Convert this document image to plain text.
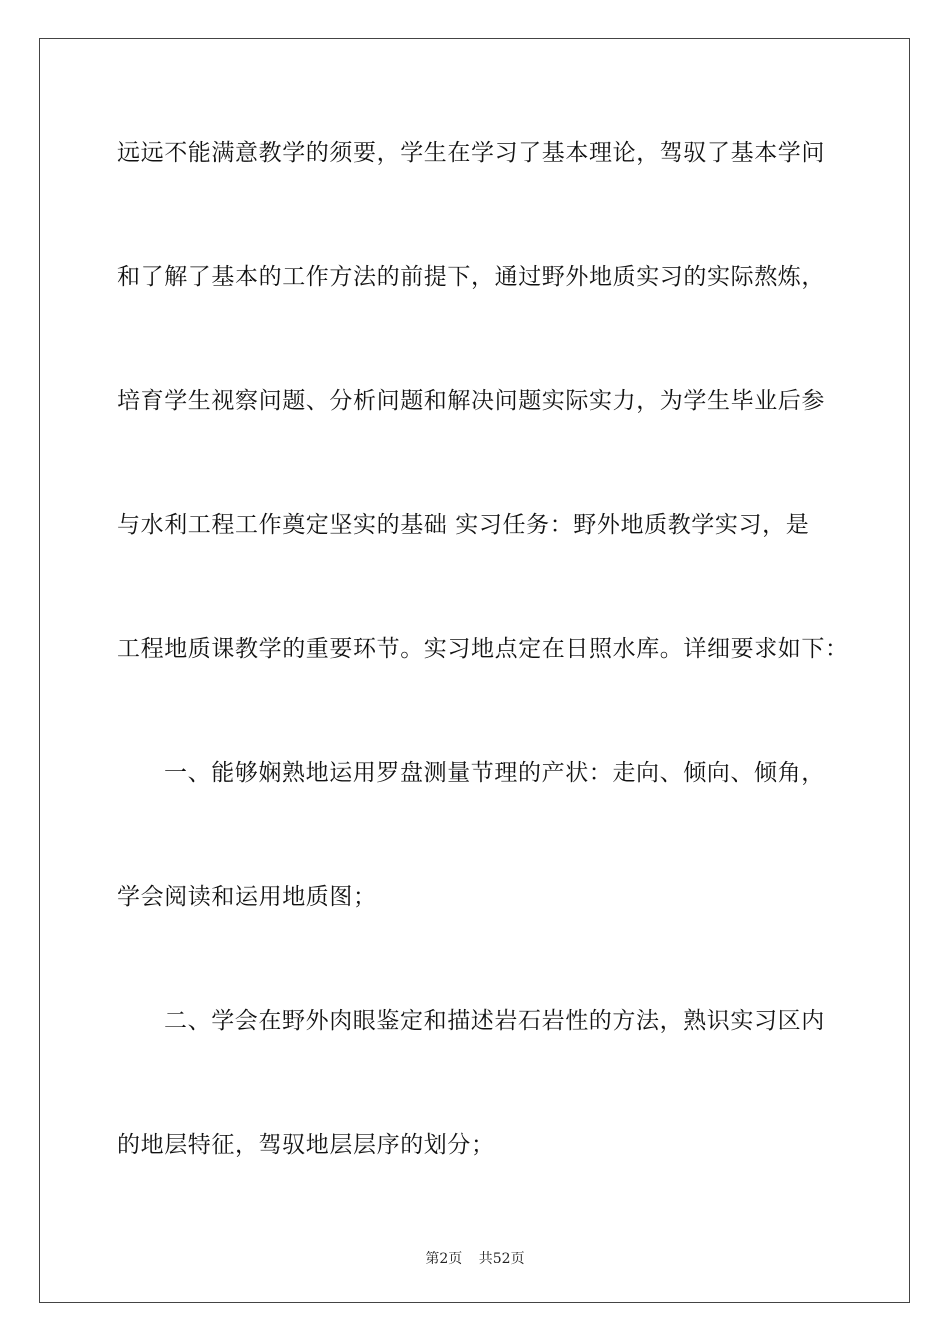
远远不能满意教学的须要，学生在学习了基本理论，驾驭了基本学问
和了解了基本的工作方法的前提下，通过野外地质实习的实际熬炼，
培育学生视察问题、分析问题和解决问题实际实力，为学生毕业后参
与水利工程工作奠定坚实的基础 实习任务：野外地质教学实习，是
工程地质课教学的重要环节。实习地点定在日照水库。详细要求如下：
一、能够娴熟地运用罗盘测量节理的产状：走向、倾向、倾角，
学会阅读和运用地质图；
二、学会在野外肉眼鉴定和描述岩石岩性的方法，熟识实习区内
的地层特征，驾驭地层层序的划分；
第2页 共52页
